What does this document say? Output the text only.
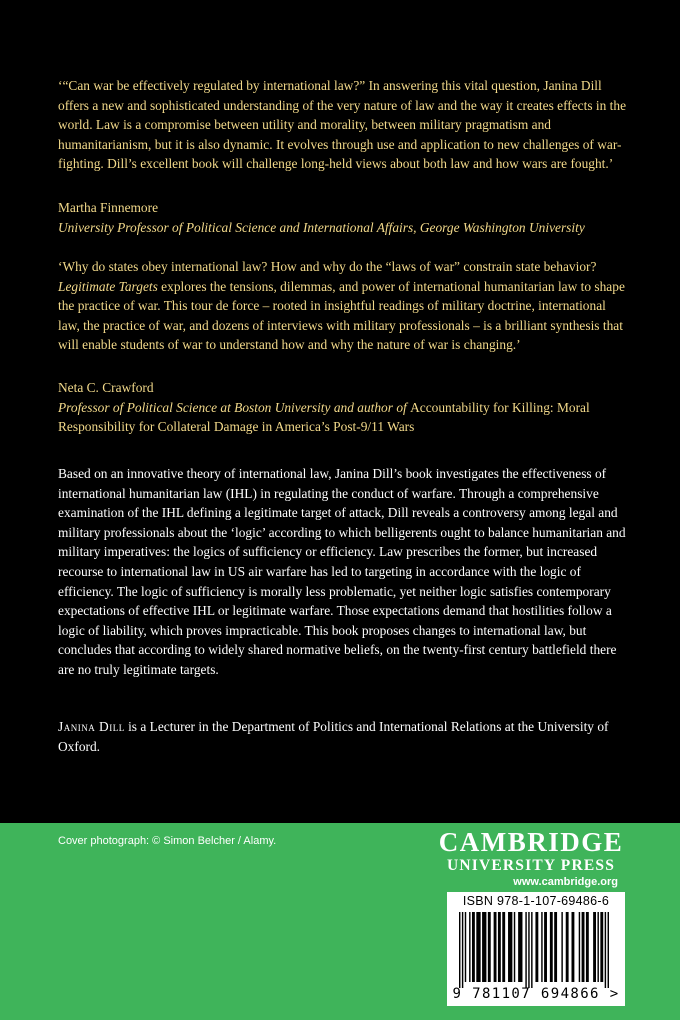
‘“Can war be effectively regulated by international law?” In answering this vital question, Janina Dill offers a new and sophisticated understanding of the very nature of law and the way it creates effects in the world. Law is a compromise between utility and morality, between military pragmatism and humanitarianism, but it is also dynamic. It evolves through use and application to new challenges of war-fighting. Dill’s excellent book will challenge long-held views about both law and how wars are fought.’

Martha Finnemore
University Professor of Political Science and International Affairs, George Washington University

‘Why do states obey international law? How and why do the “laws of war” constrain state behavior? Legitimate Targets explores the tensions, dilemmas, and power of international humanitarian law to shape the practice of war. This tour de force – rooted in insightful readings of military doctrine, international law, the practice of war, and dozens of interviews with military professionals – is a brilliant synthesis that will enable students of war to understand how and why the nature of war is changing.’

Neta C. Crawford
Professor of Political Science at Boston University and author of Accountability for Killing: Moral Responsibility for Collateral Damage in America’s Post-9/11 Wars

Based on an innovative theory of international law, Janina Dill’s book investigates the effectiveness of international humanitarian law (IHL) in regulating the conduct of warfare. Through a comprehensive examination of the IHL defining a legitimate target of attack, Dill reveals a controversy among legal and military professionals about the ‘logic’ according to which belligerents ought to balance humanitarian and military imperatives: the logics of sufficiency or efficiency. Law prescribes the former, but increased recourse to international law in US air warfare has led to targeting in accordance with the logic of efficiency. The logic of sufficiency is morally less problematic, yet neither logic satisfies contemporary expectations of effective IHL or legitimate warfare. Those expectations demand that hostilities follow a logic of liability, which proves impracticable. This book proposes changes to international law, but concludes that according to widely shared normative beliefs, on the twenty-first century battlefield there are no truly legitimate targets.

Janina Dill is a Lecturer in the Department of Politics and International Relations at the University of Oxford.

Cover photograph: © Simon Belcher / Alamy.	CAMBRIDGE
UNIVERSITY PRESS
www.cambridge.org
ISBN 978-1-107-69486-6
9 781107 694866 >
